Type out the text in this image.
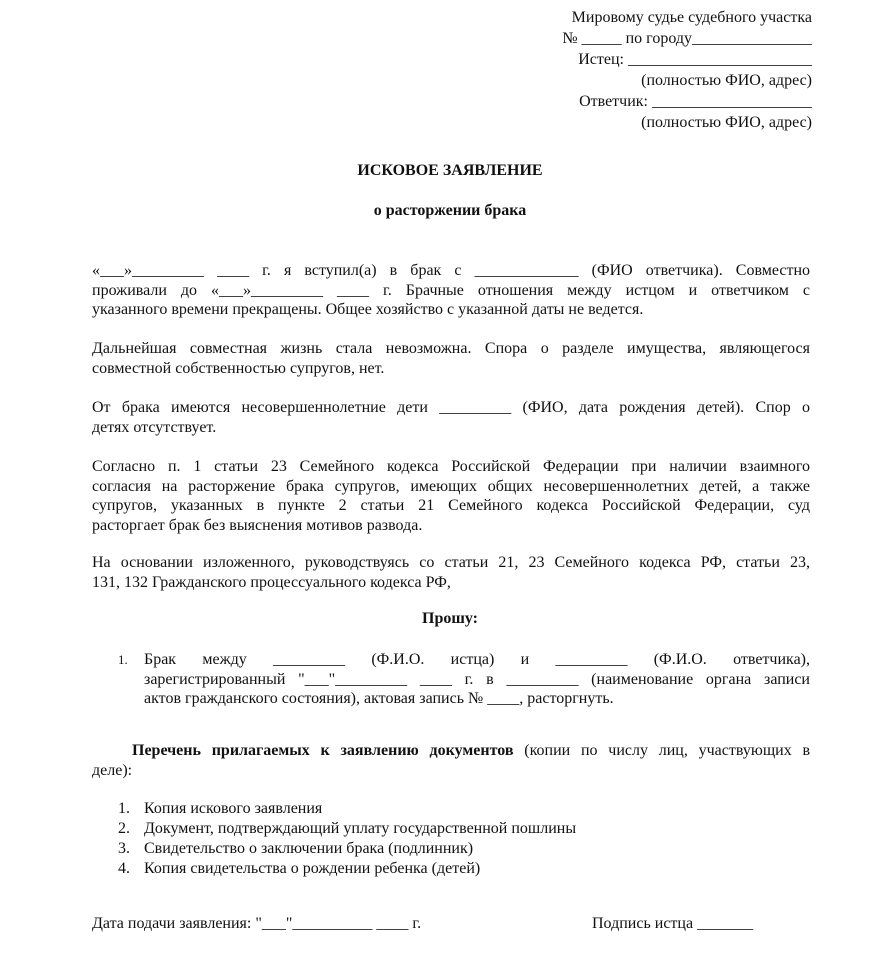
Мировому судье судебного участка
№ _____ по городу_______________
Истец: _______________________
(полностью ФИО, адрес)
Ответчик: ____________________
(полностью ФИО, адрес)
ИСКОВОЕ ЗАЯВЛЕНИЕ
о расторжении брака
«___»_________ ____ г. я вступил(а) в брак с _____________ (ФИО ответчика). Совместно
проживали до «___»_________ ____ г. Брачные отношения между истцом и ответчиком с
указанного времени прекращены. Общее хозяйство с указанной даты не ведется.
Дальнейшая совместная жизнь стала невозможна. Спора о разделе имущества, являющегося
совместной собственностью супругов, нет.
От брака имеются несовершеннолетние дети _________ (ФИО, дата рождения детей). Спор о
детях отсутствует.
Согласно п. 1 статьи 23 Семейного кодекса Российской Федерации при наличии взаимного
согласия на расторжение брака супругов, имеющих общих несовершеннолетних детей, а также
супругов, указанных в пункте 2 статьи 21 Семейного кодекса Российской Федерации, суд
расторгает брак без выяснения мотивов развода.
На основании изложенного, руководствуясь со статьи 21, 23 Семейного кодекса РФ, статьи 23,
131, 132 Гражданского процессуального кодекса РФ,
Прошу:
1. Брак между _________ (Ф.И.О. истца) и _________ (Ф.И.О. ответчика),
зарегистрированный "___"_________ ____ г. в _________ (наименование органа записи
актов гражданского состояния), актовая запись № ____, расторгнуть.
Перечень прилагаемых к заявлению документов (копии по числу лиц, участвующих в
деле):
1. Копия искового заявления
2. Документ, подтверждающий уплату государственной пошлины
3. Свидетельство о заключении брака (подлинник)
4. Копия свидетельства о рождении ребенка (детей)
Дата подачи заявления: "___"__________ ____ г.	Подпись истца _______
